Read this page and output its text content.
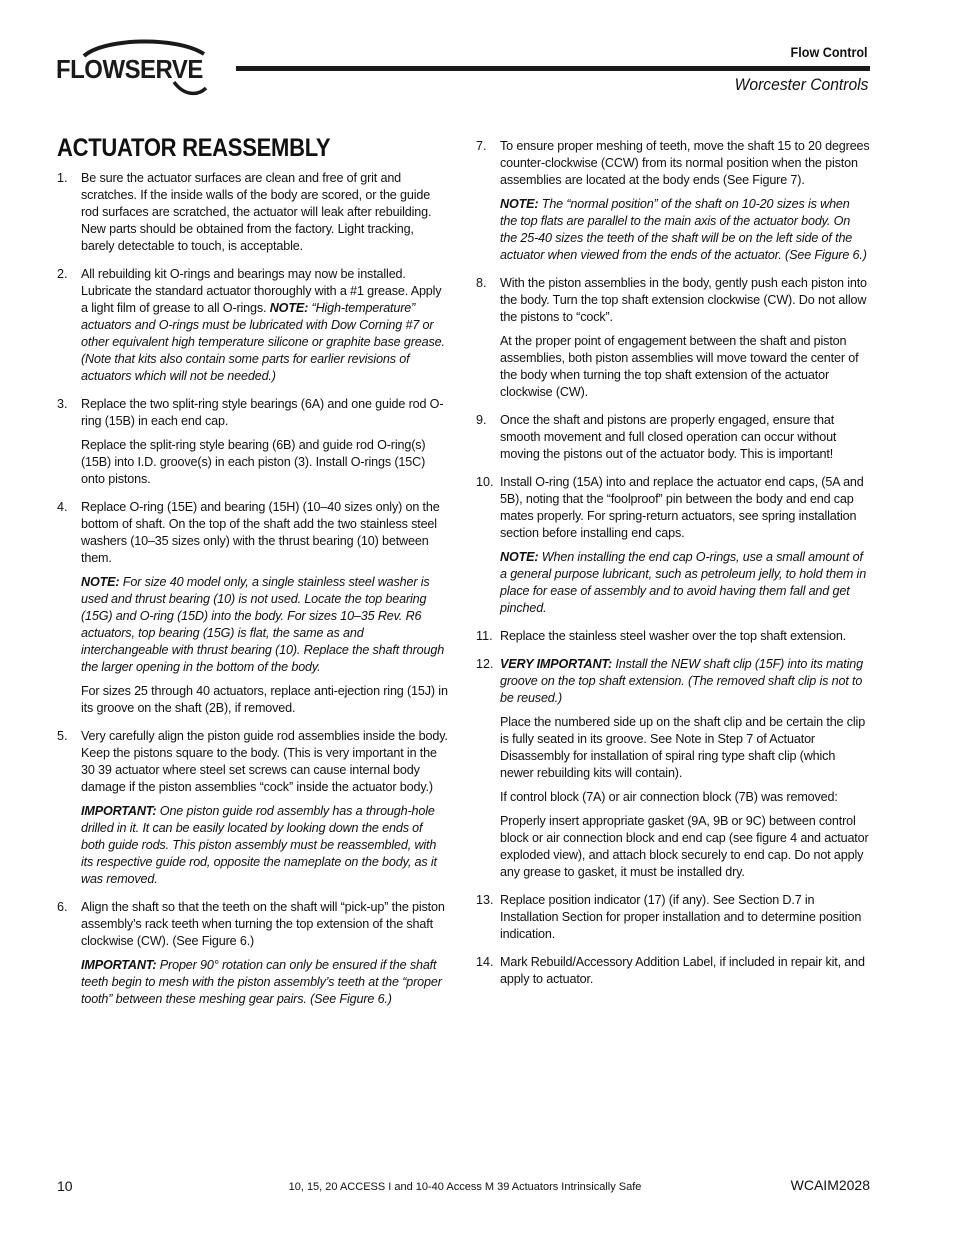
FLOWSERVE
Flow Control
Worcester Controls
ACTUATOR REASSEMBLY
1. Be sure the actuator surfaces are clean and free of grit and scratches. If the inside walls of the body are scored, or the guide rod surfaces are scratched, the actuator will leak after rebuilding. New parts should be obtained from the factory. Light tracking, barely detectable to touch, is acceptable.

2. All rebuilding kit O-rings and bearings may now be installed. Lubricate the standard actuator thoroughly with a #1 grease. Apply a light film of grease to all O-rings. NOTE: “High-temperature” actuators and O-rings must be lubricated with Dow Corning #7 or other equivalent high temperature silicone or graphite base grease. (Note that kits also contain some parts for earlier revisions of actuators which will not be needed.)

3. Replace the two split-ring style bearings (6A) and one guide rod O-ring (15B) in each end cap.

Replace the split-ring style bearing (6B) and guide rod O-ring(s) (15B) into I.D. groove(s) in each piston (3). Install O-rings (15C) onto pistons.

4. Replace O-ring (15E) and bearing (15H) (10–40 sizes only) on the bottom of shaft. On the top of the shaft add the two stainless steel washers (10–35 sizes only) with the thrust bearing (10) between them.

NOTE: For size 40 model only, a single stainless steel washer is used and thrust bearing (10) is not used. Locate the top bearing (15G) and O-ring (15D) into the body. For sizes 10–35 Rev. R6 actuators, top bearing (15G) is flat, the same as and interchangeable with thrust bearing (10). Replace the shaft through the larger opening in the bottom of the body.

For sizes 25 through 40 actuators, replace anti-ejection ring (15J) in its groove on the shaft (2B), if removed.

5. Very carefully align the piston guide rod assemblies inside the body. Keep the pistons square to the body. (This is very important in the 30 39 actuator where steel set screws can cause internal body damage if the piston assemblies “cock” inside the actuator body.)

IMPORTANT: One piston guide rod assembly has a through-hole drilled in it. It can be easily located by looking down the ends of both guide rods. This piston assembly must be reassembled, with its respective guide rod, opposite the nameplate on the body, as it was removed.

6. Align the shaft so that the teeth on the shaft will “pick-up” the piston assembly’s rack teeth when turning the top extension of the shaft clockwise (CW). (See Figure 6.)

IMPORTANT: Proper 90° rotation can only be ensured if the shaft teeth begin to mesh with the piston assembly’s teeth at the “proper tooth” between these meshing gear pairs. (See Figure 6.)

7. To ensure proper meshing of teeth, move the shaft 15 to 20 degrees counter-clockwise (CCW) from its normal position when the piston assemblies are located at the body ends (See Figure 7).

NOTE: The “normal position” of the shaft on 10-20 sizes is when the top flats are parallel to the main axis of the actuator body. On the 25-40 sizes the teeth of the shaft will be on the left side of the actuator when viewed from the ends of the actuator. (See Figure 6.)

8. With the piston assemblies in the body, gently push each piston into the body. Turn the top shaft extension clockwise (CW). Do not allow the pistons to “cock”.

At the proper point of engagement between the shaft and piston assemblies, both piston assemblies will move toward the center of the body when turning the top shaft extension of the actuator clockwise (CW).

9. Once the shaft and pistons are properly engaged, ensure that smooth movement and full closed operation can occur without moving the pistons out of the actuator body. This is important!

10. Install O-ring (15A) into and replace the actuator end caps, (5A and 5B), noting that the “foolproof” pin between the body and end cap mates properly. For spring-return actuators, see spring installation section before installing end caps.

NOTE: When installing the end cap O-rings, use a small amount of a general purpose lubricant, such as petroleum jelly, to hold them in place for ease of assembly and to avoid having them fall and get pinched.

11. Replace the stainless steel washer over the top shaft extension.

12. VERY IMPORTANT: Install the NEW shaft clip (15F) into its mating groove on the top shaft extension. (The removed shaft clip is not to be reused.)

Place the numbered side up on the shaft clip and be certain the clip is fully seated in its groove. See Note in Step 7 of Actuator Disassembly for installation of spiral ring type shaft clip (which newer rebuilding kits will contain).

If control block (7A) or air connection block (7B) was removed:

Properly insert appropriate gasket (9A, 9B or 9C) between control block or air connection block and end cap (see figure 4 and actuator exploded view), and attach block securely to end cap. Do not apply any grease to gasket, it must be installed dry.

13. Replace position indicator (17) (if any). See Section D.7 in Installation Section for proper installation and to determine position indication.

14. Mark Rebuild/Accessory Addition Label, if included in repair kit, and apply to actuator.

10	10, 15, 20 ACCESS I and 10-40 Access M 39 Actuators Intrinsically Safe	WCAIM2028
